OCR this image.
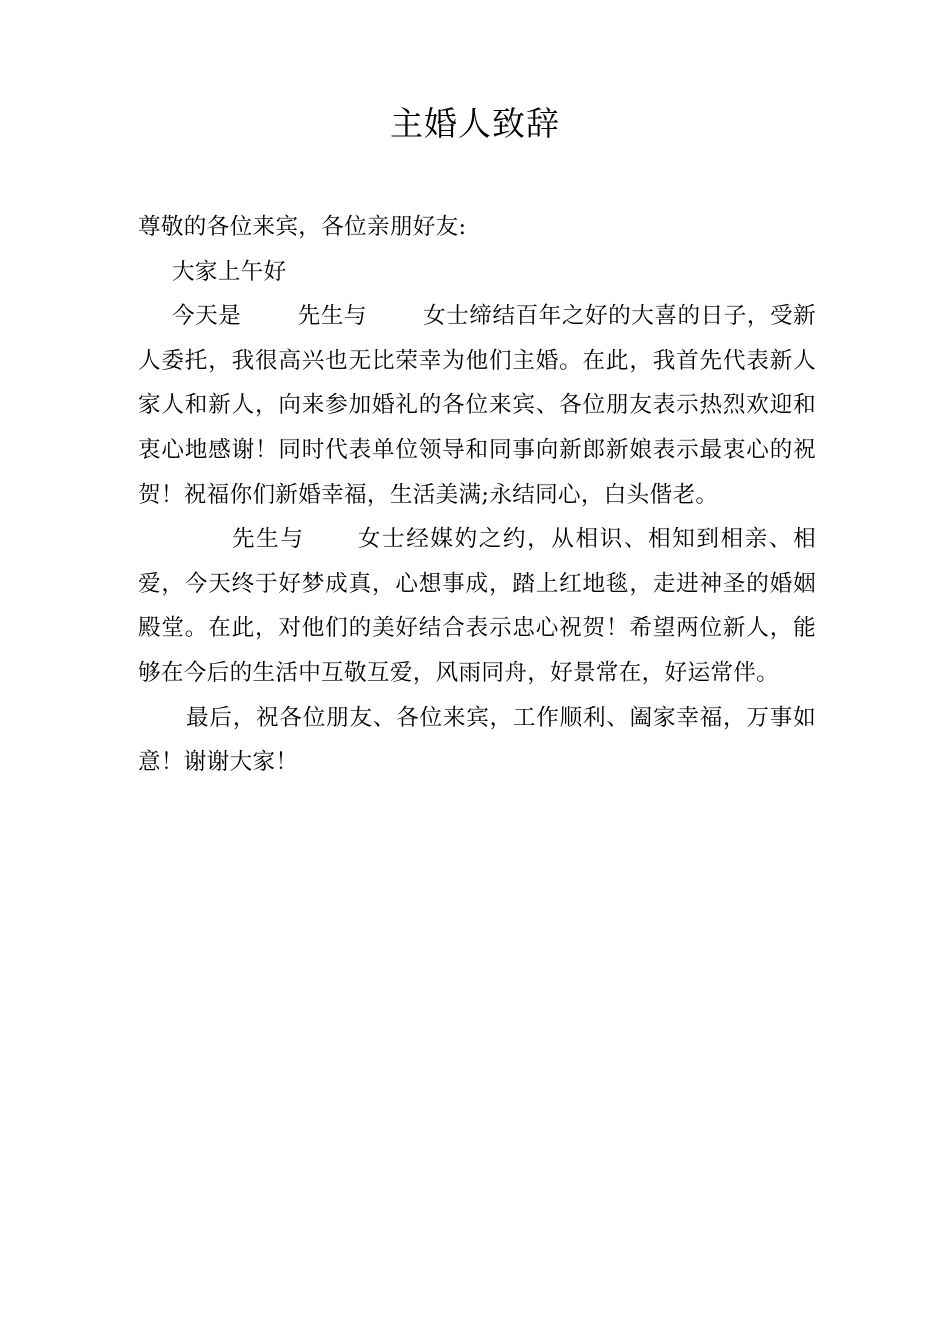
主婚人致辞

尊敬的各位来宾，各位亲朋好友:

大家上午好

今天是 先生与 女士缔结百年之好的大喜的日子，受新人委托，我很高兴也无比荣幸为他们主婚。在此，我首先代表新人家人和新人，向来参加婚礼的各位来宾、各位朋友表示热烈欢迎和衷心地感谢！同时代表单位领导和同事向新郎新娘表示最衷心的祝贺！祝福你们新婚幸福，生活美满;永结同心，白头偕老。

先生与 女士经媒妁之约，从相识、相知到相亲、相爱，今天终于好梦成真，心想事成，踏上红地毯，走进神圣的婚姻殿堂。在此，对他们的美好结合表示忠心祝贺！希望两位新人，能够在今后的生活中互敬互爱，风雨同舟，好景常在，好运常伴。

最后，祝各位朋友、各位来宾，工作顺利、阖家幸福，万事如意！谢谢大家！
